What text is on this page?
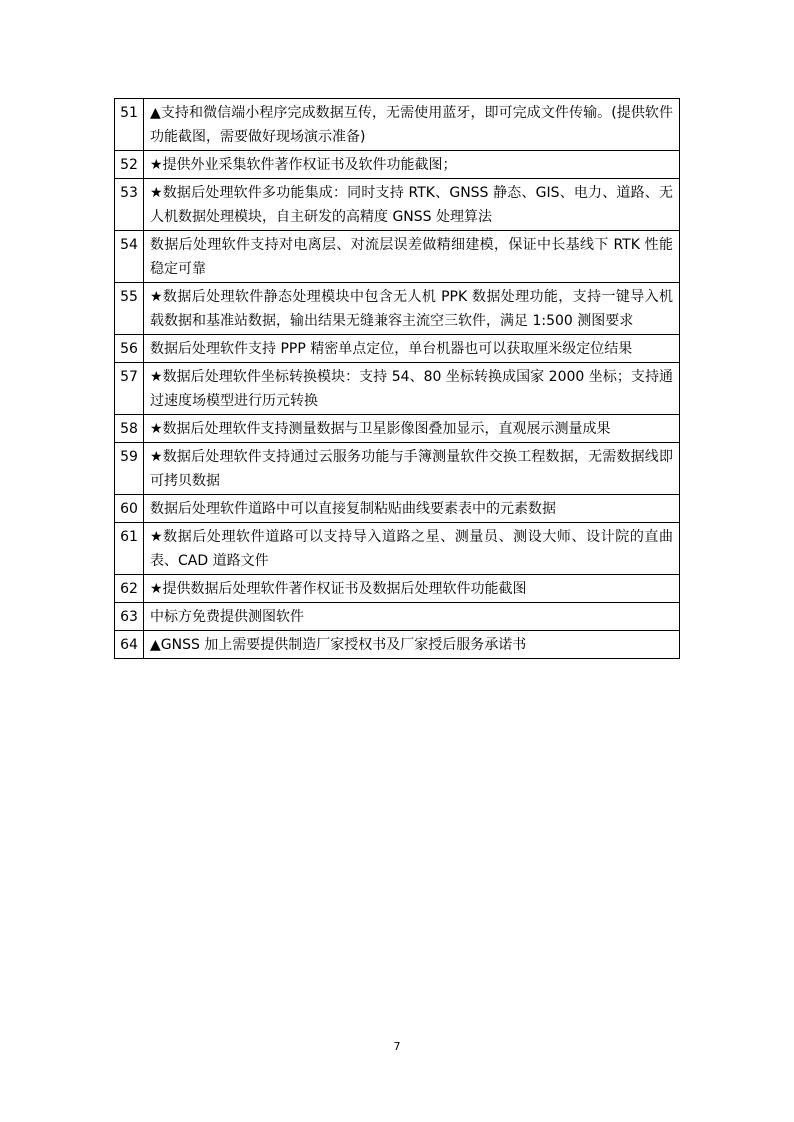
51	▲支持和微信端小程序完成数据互传，无需使用蓝牙，即可完成文件传输。(提供软件功能截图，需要做好现场演示准备)
52	★提供外业采集软件著作权证书及软件功能截图；
53	★数据后处理软件多功能集成：同时支持 RTK、GNSS 静态、GIS、电力、道路、无人机数据处理模块，自主研发的高精度 GNSS 处理算法
54	数据后处理软件支持对电离层、对流层误差做精细建模，保证中长基线下 RTK 性能稳定可靠
55	★数据后处理软件静态处理模块中包含无人机 PPK 数据处理功能，支持一键导入机载数据和基准站数据，输出结果无缝兼容主流空三软件，满足 1:500 测图要求
56	数据后处理软件支持 PPP 精密单点定位，单台机器也可以获取厘米级定位结果
57	★数据后处理软件坐标转换模块：支持 54、80 坐标转换成国家 2000 坐标；支持通过速度场模型进行历元转换
58	★数据后处理软件支持测量数据与卫星影像图叠加显示，直观展示测量成果
59	★数据后处理软件支持通过云服务功能与手簿测量软件交换工程数据，无需数据线即可拷贝数据
60	数据后处理软件道路中可以直接复制粘贴曲线要素表中的元素数据
61	★数据后处理软件道路可以支持导入道路之星、测量员、测设大师、设计院的直曲表、CAD 道路文件
62	★提供数据后处理软件著作权证书及数据后处理软件功能截图
63	中标方免费提供测图软件
64	▲GNSS 加上需要提供制造厂家授权书及厂家授后服务承诺书
7
